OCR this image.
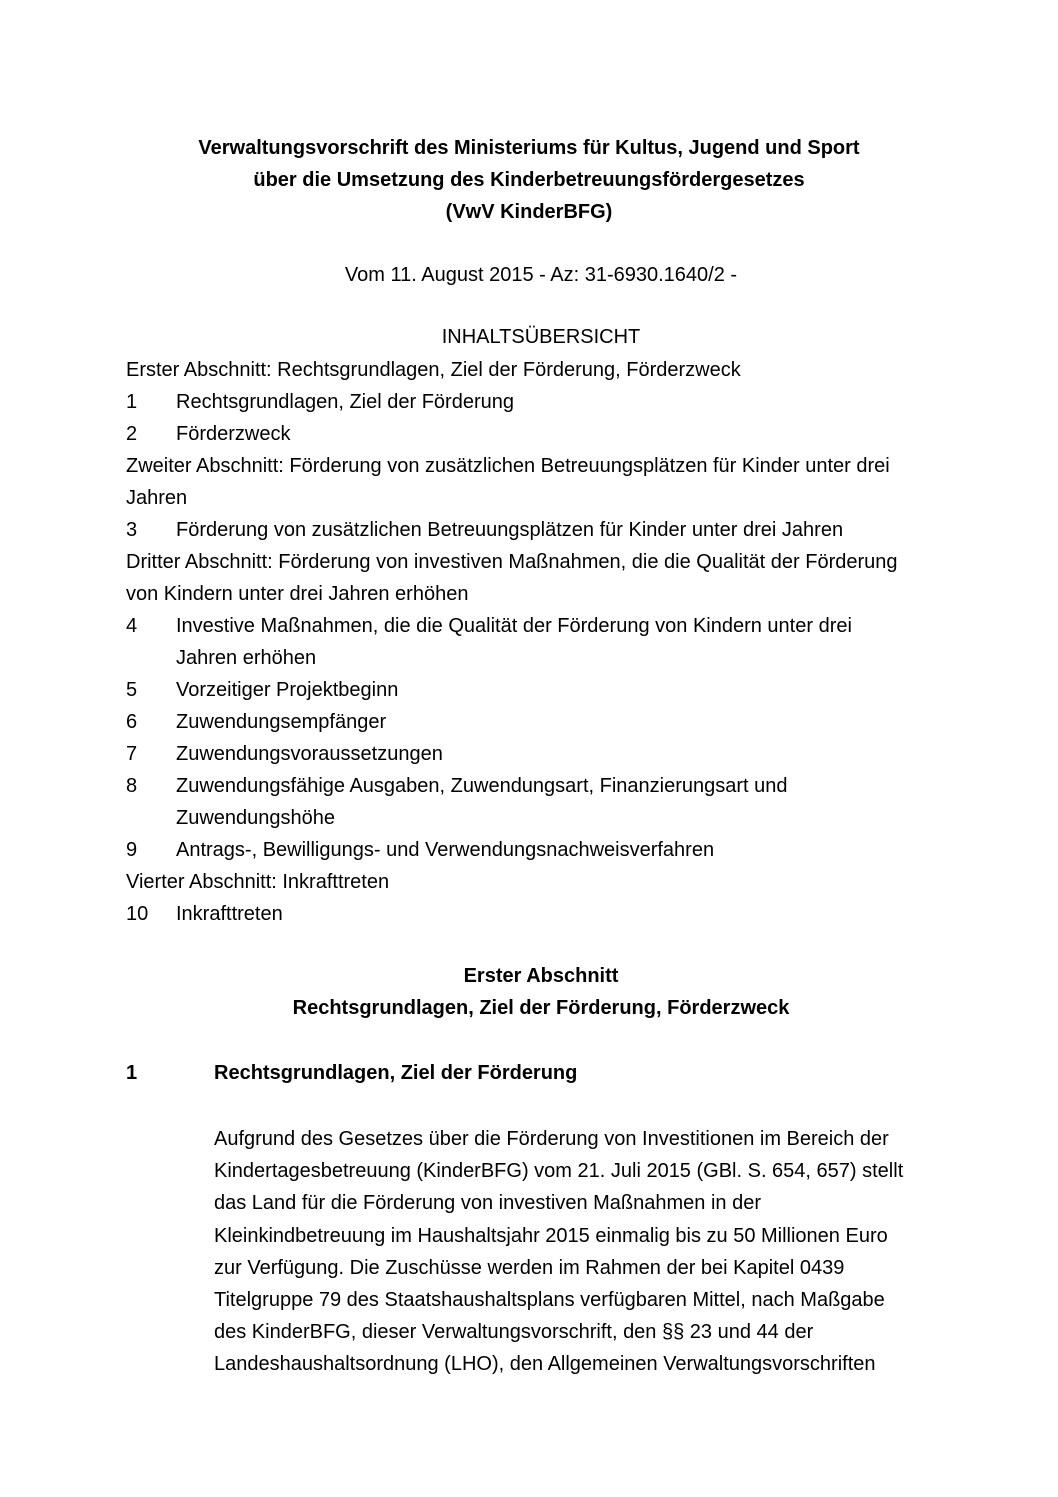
Verwaltungsvorschrift des Ministeriums für Kultus, Jugend und Sport
über die Umsetzung des Kinderbetreuungsfördergesetzes
(VwV KinderBFG)
Vom 11. August 2015 - Az: 31-6930.1640/2 -
INHALTSÜBERSICHT
Erster Abschnitt: Rechtsgrundlagen, Ziel der Förderung, Förderzweck
1 Rechtsgrundlagen, Ziel der Förderung
2 Förderzweck
Zweiter Abschnitt: Förderung von zusätzlichen Betreuungsplätzen für Kinder unter drei
Jahren
3 Förderung von zusätzlichen Betreuungsplätzen für Kinder unter drei Jahren
Dritter Abschnitt: Förderung von investiven Maßnahmen, die die Qualität der Förderung
von Kindern unter drei Jahren erhöhen
4 Investive Maßnahmen, die die Qualität der Förderung von Kindern unter drei
Jahren erhöhen
5 Vorzeitiger Projektbeginn
6 Zuwendungsempfänger
7 Zuwendungsvoraussetzungen
8 Zuwendungsfähige Ausgaben, Zuwendungsart, Finanzierungsart und
Zuwendungshöhe
9 Antrags-, Bewilligungs- und Verwendungsnachweisverfahren
Vierter Abschnitt: Inkrafttreten
10 Inkrafttreten
Erster Abschnitt
Rechtsgrundlagen, Ziel der Förderung, Förderzweck
1	Rechtsgrundlagen, Ziel der Förderung
Aufgrund des Gesetzes über die Förderung von Investitionen im Bereich der
Kindertagesbetreuung (KinderBFG) vom 21. Juli 2015 (GBl. S. 654, 657) stellt
das Land für die Förderung von investiven Maßnahmen in der
Kleinkindbetreuung im Haushaltsjahr 2015 einmalig bis zu 50 Millionen Euro
zur Verfügung. Die Zuschüsse werden im Rahmen der bei Kapitel 0439
Titelgruppe 79 des Staatshaushaltsplans verfügbaren Mittel, nach Maßgabe
des KinderBFG, dieser Verwaltungsvorschrift, den §§ 23 und 44 der
Landeshaushaltsordnung (LHO), den Allgemeinen Verwaltungsvorschriften
